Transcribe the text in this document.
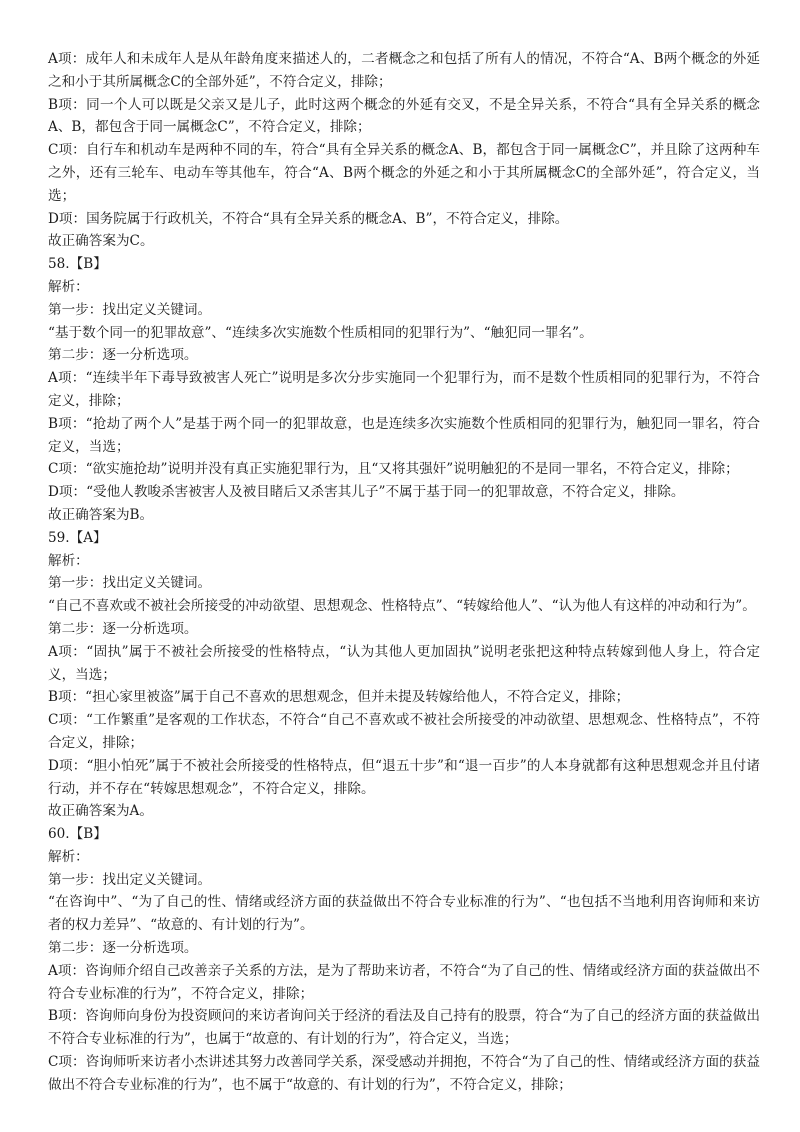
A项：成年人和未成年人是从年龄角度来描述人的，二者概念之和包括了所有人的情况，不符合“A、B两个概念的外延之和小于其所属概念C的全部外延”，不符合定义，排除；

B项：同一个人可以既是父亲又是儿子，此时这两个概念的外延有交叉，不是全异关系，不符合“具有全异关系的概念A、B，都包含于同一属概念C”，不符合定义，排除；

C项：自行车和机动车是两种不同的车，符合“具有全异关系的概念A、B，都包含于同一属概念C”，并且除了这两种车之外，还有三轮车、电动车等其他车，符合“A、B两个概念的外延之和小于其所属概念C的全部外延”，符合定义，当选；

D项：国务院属于行政机关，不符合“具有全异关系的概念A、B”，不符合定义，排除。

故正确答案为C。

58.【B】

解析：

第一步：找出定义关键词。

“基于数个同一的犯罪故意”、“连续多次实施数个性质相同的犯罪行为”、“触犯同一罪名”。

第二步：逐一分析选项。

A项：“连续半年下毒导致被害人死亡”说明是多次分步实施同一个犯罪行为，而不是数个性质相同的犯罪行为，不符合定义，排除；

B项：“抢劫了两个人”是基于两个同一的犯罪故意，也是连续多次实施数个性质相同的犯罪行为，触犯同一罪名，符合定义，当选；

C项：“欲实施抢劫”说明并没有真正实施犯罪行为，且“又将其强奸”说明触犯的不是同一罪名，不符合定义，排除；

D项：“受他人教唆杀害被害人及被目睹后又杀害其儿子”不属于基于同一的犯罪故意，不符合定义，排除。

故正确答案为B。

59.【A】

解析：

第一步：找出定义关键词。

“自己不喜欢或不被社会所接受的冲动欲望、思想观念、性格特点”、“转嫁给他人”、“认为他人有这样的冲动和行为”。

第二步：逐一分析选项。

A项：“固执”属于不被社会所接受的性格特点，“认为其他人更加固执”说明老张把这种特点转嫁到他人身上，符合定义，当选；

B项：“担心家里被盗”属于自己不喜欢的思想观念，但并未提及转嫁给他人，不符合定义，排除；

C项：“工作繁重”是客观的工作状态，不符合“自己不喜欢或不被社会所接受的冲动欲望、思想观念、性格特点”，不符合定义，排除；

D项：“胆小怕死”属于不被社会所接受的性格特点，但“退五十步”和“退一百步”的人本身就都有这种思想观念并且付诸行动，并不存在“转嫁思想观念”，不符合定义，排除。

故正确答案为A。

60.【B】

解析：

第一步：找出定义关键词。

“在咨询中”、“为了自己的性、情绪或经济方面的获益做出不符合专业标准的行为”、“也包括不当地利用咨询师和来访者的权力差异”、“故意的、有计划的行为”。

第二步：逐一分析选项。

A项：咨询师介绍自己改善亲子关系的方法，是为了帮助来访者，不符合“为了自己的性、情绪或经济方面的获益做出不符合专业标准的行为”，不符合定义，排除；

B项：咨询师向身份为投资顾问的来访者询问关于经济的看法及自己持有的股票，符合“为了自己的经济方面的获益做出不符合专业标准的行为”，也属于“故意的、有计划的行为”，符合定义，当选；

C项：咨询师听来访者小杰讲述其努力改善同学关系，深受感动并拥抱，不符合“为了自己的性、情绪或经济方面的获益做出不符合专业标准的行为”，也不属于“故意的、有计划的行为”，不符合定义，排除；
